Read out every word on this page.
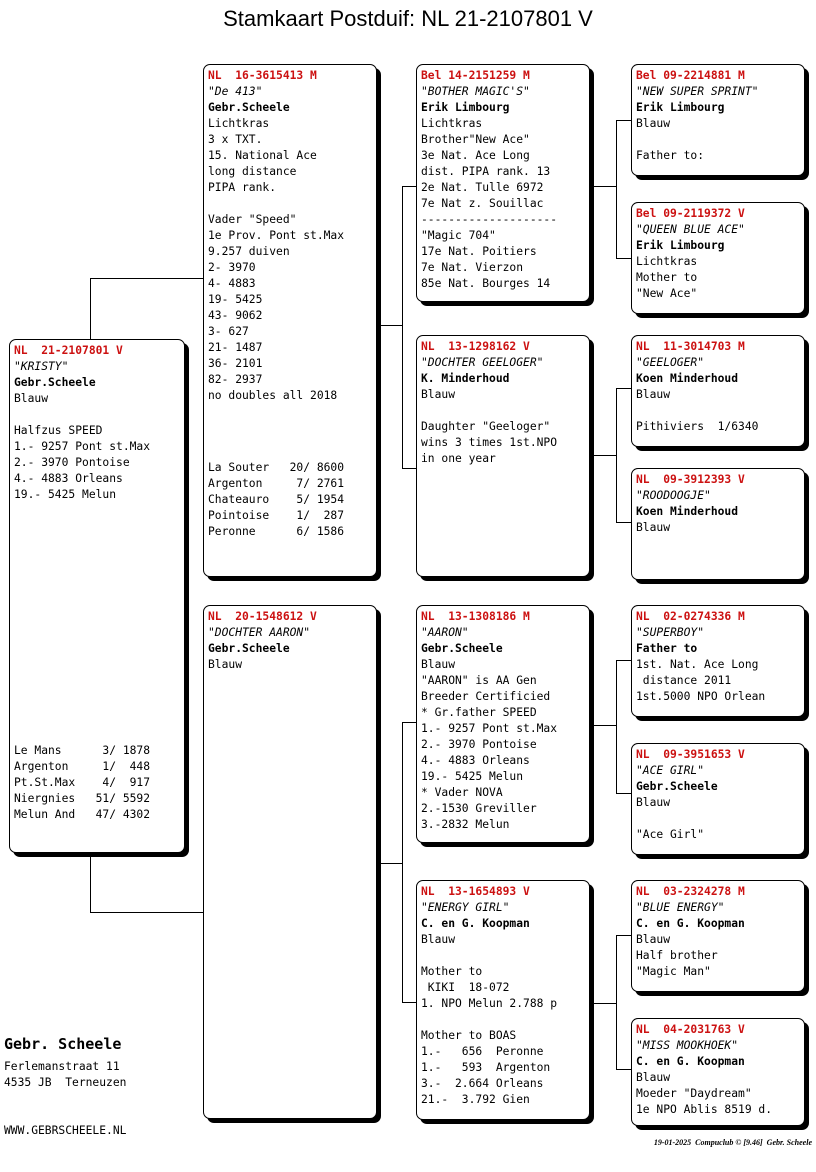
Stamkaart Postduif: NL 21-2107801 V
NL  21-2107801 V
"KRISTY"
Gebr.Scheele
Blauw
Halfzus SPEED
1.- 9257 Pont st.Max
2.- 3970 Pontoise
4.- 4883 Orleans
19.- 5425 Melun
Le Mans      3/ 1878
Argenton     1/  448
Pt.St.Max    4/  917
Niergnies   51/ 5592
Melun And   47/ 4302
NL  16-3615413 M
"De 413"
Gebr.Scheele
Lichtkras
3 x TXT.
15. National Ace
long distance
PIPA rank.
Vader "Speed"
1e Prov. Pont st.Max
9.257 duiven
2- 3970
4- 4883
19- 5425
43- 9062
3- 627
21- 1487
36- 2101
82- 2937
no doubles all 2018
La Souter   20/ 8600
Argenton     7/ 2761
Chateauro    5/ 1954
Pointoise    1/  287
Peronne      6/ 1586
NL  20-1548612 V
"DOCHTER AARON"
Gebr.Scheele
Blauw
Bel 14-2151259 M
"BOTHER MAGIC'S"
Erik Limbourg
Lichtkras
Brother"New Ace"
3e Nat. Ace Long
dist. PIPA rank. 13
2e Nat. Tulle 6972
7e Nat z. Souillac
--------------------
"Magic 704"
17e Nat. Poitiers
7e Nat. Vierzon
85e Nat. Bourges 14
NL  13-1298162 V
"DOCHTER GEELOGER"
K. Minderhoud
Blauw
Daughter "Geeloger"
wins 3 times 1st.NPO
in one year
NL  13-1308186 M
"AARON"
Gebr.Scheele
Blauw
"AARON" is AA Gen
Breeder Certificied
* Gr.father SPEED
1.- 9257 Pont st.Max
2.- 3970 Pontoise
4.- 4883 Orleans
19.- 5425 Melun
* Vader NOVA
2.-1530 Greviller
3.-2832 Melun
NL  13-1654893 V
"ENERGY GIRL"
C. en G. Koopman
Blauw
Mother to
KIKI  18-072
1. NPO Melun 2.788 p
Mother to BOAS
1.-   656  Peronne
1.-   593  Argenton
3.-  2.664 Orleans
21.-  3.792 Gien
Bel 09-2214881 M
"NEW SUPER SPRINT"
Erik Limbourg
Blauw
Father to:
Bel 09-2119372 V
"QUEEN BLUE ACE"
Erik Limbourg
Lichtkras
Mother to
"New Ace"
NL  11-3014703 M
"GEELOGER"
Koen Minderhoud
Blauw
Pithiviers  1/6340
NL  09-3912393 V
"ROODOOGJE"
Koen Minderhoud
Blauw
NL  02-0274336 M
"SUPERBOY"
Father to
1st. Nat. Ace Long
distance 2011
1st.5000 NPO Orlean
NL  09-3951653 V
"ACE GIRL"
Gebr.Scheele
Blauw
"Ace Girl"
NL  03-2324278 M
"BLUE ENERGY"
C. en G. Koopman
Blauw
Half brother
"Magic Man"
NL  04-2031763 V
"MISS MOOKHOEK"
C. en G. Koopman
Blauw
Moeder "Daydream"
1e NPO Ablis 8519 d.
Gebr. Scheele
Ferlemanstraat 11
4535 JB  Terneuzen
WWW.GEBRSCHEELE.NL
19-01-2025  Compuclub © [9.46]  Gebr. Scheele
